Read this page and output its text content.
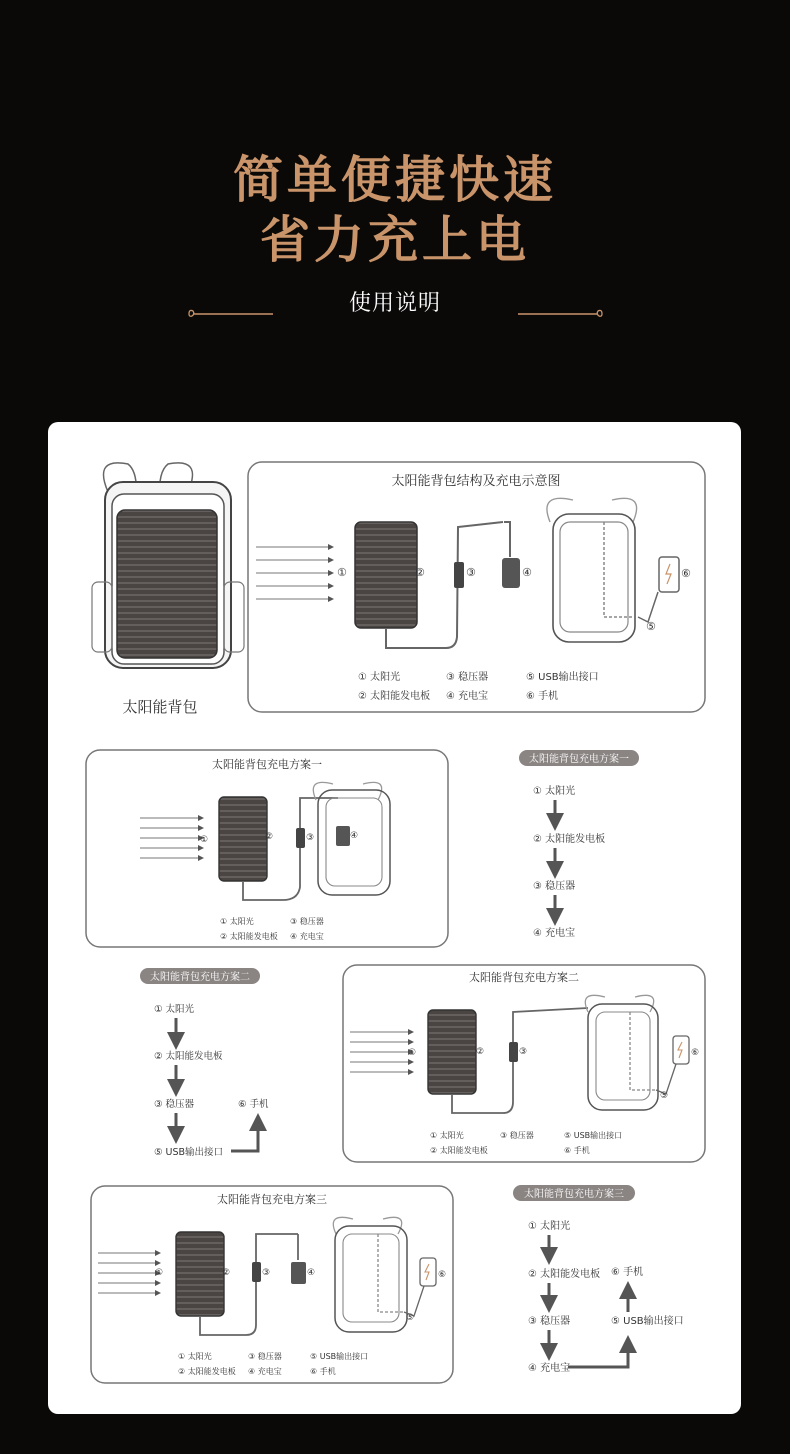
简单便捷快速
省力充上电
使用说明
太阳能背包
太阳能背包结构及充电示意图
①	②	③	④	⑥
⑤
① 太阳光
② 太阳能发电板
③ 稳压器
④ 充电宝
⑤ USB输出接口
⑥ 手机
太阳能背包充电方案一
①	②	③	④
① 太阳光
② 太阳能发电板
③ 稳压器
④ 充电宝
太阳能背包充电方案一
① 太阳光
② 太阳能发电板
③ 稳压器
④ 充电宝
太阳能背包充电方案二
① 太阳光
② 太阳能发电板
③ 稳压器
⑤ USB输出接口
⑥ 手机
太阳能背包充电方案二
①	②	③	⑥
⑤
① 太阳光
② 太阳能发电板
③ 稳压器	⑤ USB输出接口
⑥ 手机
太阳能背包充电方案三
①	②	③	④	⑥
⑤
① 太阳光
② 太阳能发电板
③ 稳压器
④ 充电宝
⑤ USB输出接口
⑥ 手机
太阳能背包充电方案三
① 太阳光
② 太阳能发电板
③ 稳压器
④ 充电宝
⑤ USB输出接口
⑥ 手机
